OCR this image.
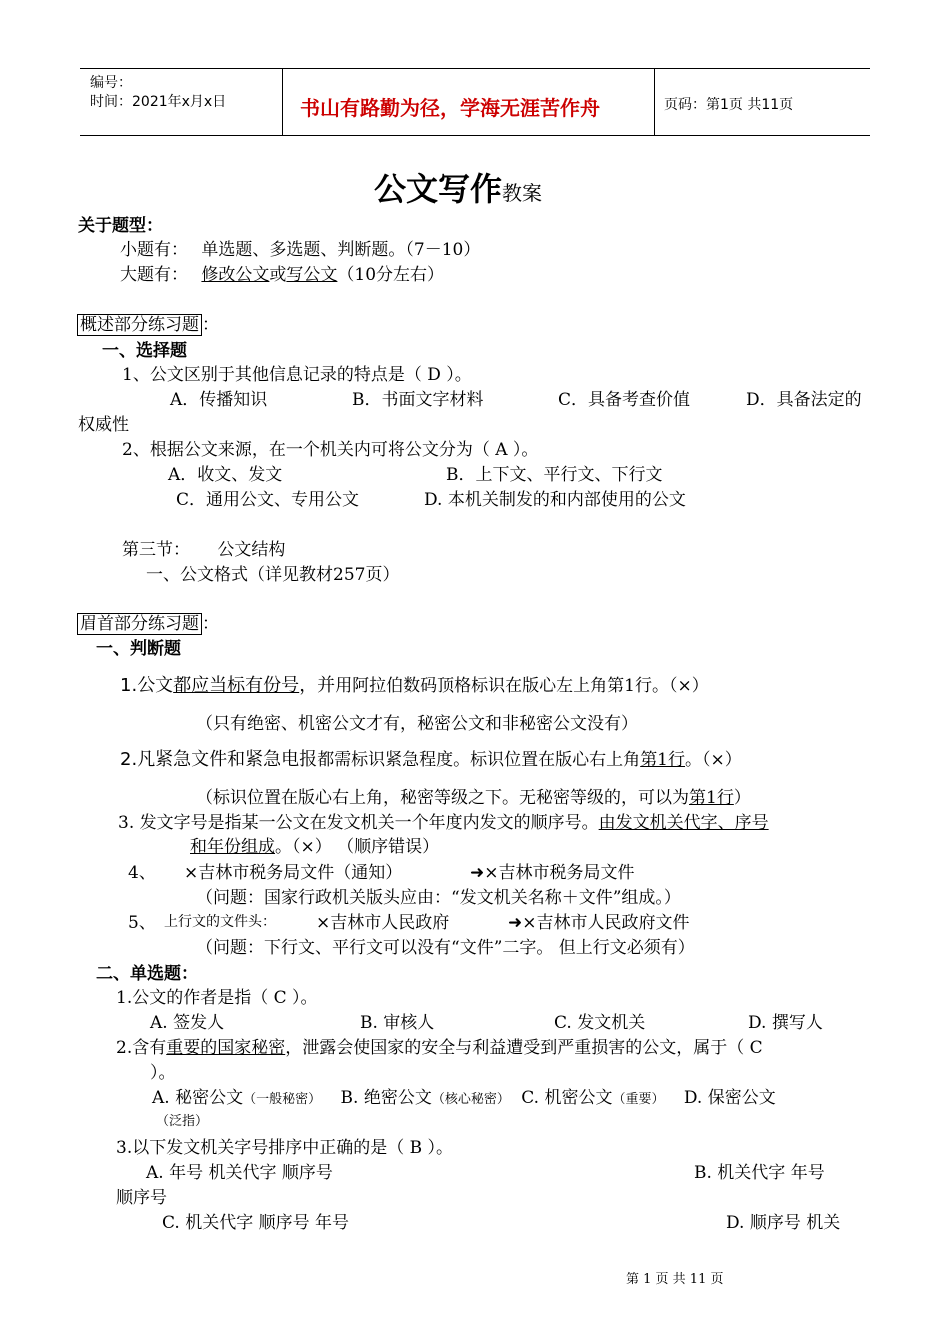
编号：
时间：2021年x月x日	书山有路勤为径，学海无涯苦作舟	页码：第1页 共11页
公文写作教案
关于题型：
小题有： 单选题、多选题、判断题。（7－10）
大题有： 修改公文或写公文（10分左右）
概述部分练习题 ：
一、选择题
1、公文区别于其他信息记录的特点是（ D ）。
A．传播知识	B．书面文字材料	C．具备考查价值	D．具备法定的
权威性
2、根据公文来源，在一个机关内可将公文分为（ A ）。
A．收文、发文	B．上下文、平行文、下行文
C．通用公文、专用公文	D. 本机关制发的和内部使用的公文
第三节： 公文结构
一、公文格式（详见教材257页）
眉首部分练习题 ：
一、判断题
1.公文都应当标有份号，并用阿拉伯数码顶格标识在版心左上角第1行。（×）
（只有绝密、机密公文才有，秘密公文和非秘密公文没有）
2.凡紧急文件和紧急电报都需标识紧急程度。标识位置在版心右上角第1行。（×）
（标识位置在版心右上角，秘密等级之下。无秘密等级的，可以为第1行）
3. 发文字号是指某一公文在发文机关一个年度内发文的顺序号。由发文机关代字、序号
和年份组成。（×） （顺序错误）
4、 ×吉林市税务局文件（通知）	➜×吉林市税务局文件
（问题：国家行政机关版头应由：“发文机关名称＋文件”组成。）
5、 上行文的文件头： ×吉林市人民政府	➜×吉林市人民政府文件
（问题：下行文、平行文可以没有“文件”二字。 但上行文必须有）
二、单选题：
1.公文的作者是指（ C ）。
A. 签发人	B. 审核人	C. 发文机关	D. 撰写人
2.含有重要的国家秘密，泄露会使国家的安全与利益遭受到严重损害的公文，属于（ C
）。
A. 秘密公文（一般秘密） B. 绝密公文（核心秘密） C. 机密公文（重要） D. 保密公文
（泛指）
3.以下发文机关字号排序中正确的是（ B ）。
A. 年号 机关代字 顺序号	B. 机关代字 年号
顺序号
C. 机关代字 顺序号 年号	D. 顺序号 机关
第 1 页 共 11 页
